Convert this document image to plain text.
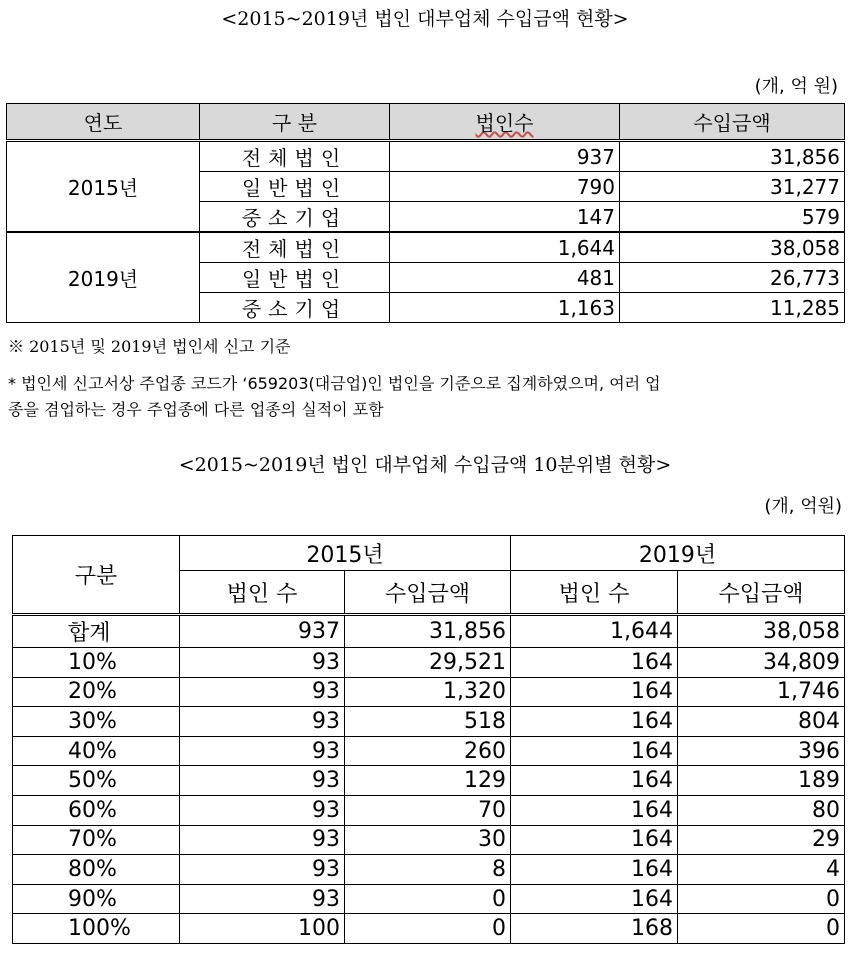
<2015~2019년 법인 대부업체 수입금액 현황>
(개, 억 원)
연도	구 분	법인수	수입금액
2015년	전체법인	937	31,856
	일반법인	790	31,277
	중소기업	147	579
2019년	전체법인	1,644	38,058
	일반법인	481	26,773
	중소기업	1,163	11,285
※ 2015년 및 2019년 법인세 신고 기준
* 법인세 신고서상 주업종 코드가 ‘659203(대금업)인 법인을 기준으로 집계하였으며, 여러 업
종을 겸업하는 경우 주업종에 다른 업종의 실적이 포함
<2015~2019년 법인 대부업체 수입금액 10분위별 현황>
(개, 억원)
구분	2015년		2019년	
	법인 수	수입금액	법인 수	수입금액
합계	937	31,856	1,644	38,058
10%	93	29,521	164	34,809
20%	93	1,320	164	1,746
30%	93	518	164	804
40%	93	260	164	396
50%	93	129	164	189
60%	93	70	164	80
70%	93	30	164	29
80%	93	8	164	4
90%	93	0	164	0
100%	100	0	168	0
